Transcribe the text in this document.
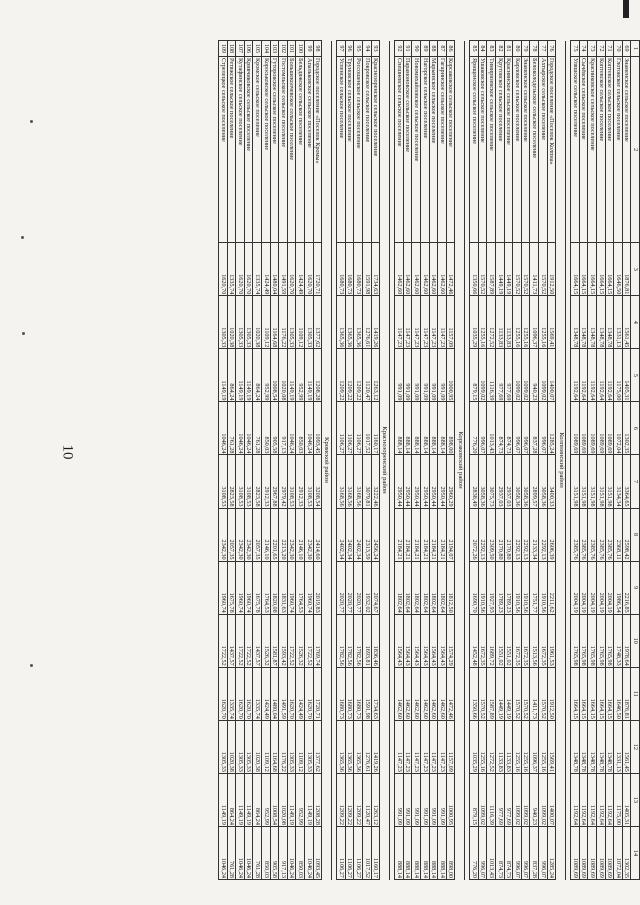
10
1	2	3	4	5	6	7	8	9	10	11	12	13	14
69	Знаменское сельское поселение	1876,81	1561,45	1405,31	1302,35	3364,65	2598,42	2216,85	1978,64	1876,81	1561,45	1405,31	1302,35
70	Глотовское сельское поселение	1646,50	1331,13	1175,00	1072,04	3134,34	2368,11	1986,54	1748,33	1646,50	1331,13	1175,00	1072,04
71	Коптевское сельское поселение	1664,15	1348,78	1192,64	1089,69	3151,98	2385,76	2004,19	1765,98	1664,15	1348,78	1192,64	1089,69
72	Коптевское сельское поселение	1664,15	1348,78	1192,64	1089,69	3151,98	2385,76	2004,19	1765,98	1664,15	1348,78	1192,64	1089,69
73	Красниковское сельское поселение	1664,15	1348,78	1192,64	1089,69	3151,98	2385,76	2004,19	1765,98	1664,15	1348,78	1192,64	1089,69
74	Сычёвское сельское поселение	1664,15	1348,78	1192,64	1089,69	3151,98	2385,76	2004,19	1765,98	1664,15	1348,78	1192,64	1089,69
75	Уляшское сельское поселение	1664,15	1348,78	1192,64	1089,69	3151,98	2385,76	2004,19	1765,98	1664,15	1348,78	1192,64	1089,69

Колпнянский район													
76	Городское поселение «Поселок Колпна»	1912,50	1569,41	1400,07	1285,24	3400,33	2606,39	2211,62	1961,53	1912,50	1569,41	1400,07	1285,24
77	Ахтырское сельское поселение	1570,52	1255,16	1099,02	996,07	3058,36	2292,13	1910,56	1672,35	1570,52	1255,16	1099,02	996,07
78	Белоколодезьское сельское поселение	1411,73	1096,37	940,23	837,28	2899,57	2133,34	1751,77	1513,56	1411,73	1096,37	940,23	837,28
79	Знаменское сельское поселение	1570,52	1255,16	1099,02	996,07	3058,36	2292,13	1910,56	1672,35	1570,52	1255,16	1099,02	996,07
80	Карловское сельское поселение	1570,52	1255,16	1099,02	996,07	3058,36	2292,13	1910,56	1672,35	1570,52	1255,16	1099,02	996,07
81	Краснянское сельское поселение	1449,19	1133,83	977,69	874,73	2937,03	2170,80	1789,23	1551,02	1449,19	1133,83	977,69	874,73
82	Крутовское сельское поселение	1449,19	1133,83	977,69	874,73	2937,03	2170,80	1789,23	1551,02	1449,19	1133,83	977,69	874,73
83	Тимирязевское сельское поселение	1587,89	1272,52	1116,39	1013,43	3075,73	2309,50	1927,93	1689,72	1587,89	1272,52	1116,39	1013,43
84	Ушаковское сельское поселение	1570,52	1255,16	1099,02	996,07	3058,36	2292,13	1910,56	1672,35	1570,52	1255,16	1099,02	996,07
85	Ярищенское сельское поселение	1350,66	1035,29	879,15	776,20	2838,49	2072,26	1690,70	1452,48	1350,66	1035,29	879,15	776,20

Корсаковский район													
86	Корсаковское сельское поселение	1472,46	1157,09	1000,95	898,00	2960,29	2194,07	1812,50	1574,29	1472,46	1157,09	1000,95	898,00
87	Гагаринское сельское поселение	1462,60	1147,23	991,09	888,14	2950,44	2184,21	1802,64	1564,43	1462,60	1147,23	991,09	888,14
88	Марьинское сельское поселение	1462,60	1147,23	991,09	888,14	2950,44	2184,21	1802,64	1564,43	1462,60	1147,23	991,09	888,14
89	Нагорское сельское поселение	1462,60	1147,23	991,09	888,14	2950,44	2184,21	1802,64	1564,43	1462,60	1147,23	991,09	888,14
90	Новомихайловское сельское поселение	1462,60	1147,23	991,09	888,14	2950,44	2184,21	1802,64	1564,43	1462,60	1147,23	991,09	888,14
91	Парамоновское сельское поселение	1462,60	1147,23	991,09	888,14	2950,44	2184,21	1802,64	1564,43	1462,60	1147,23	991,09	888,14
92	Спешневское сельское поселение	1462,60	1147,23	991,09	888,14	2950,44	2184,21	1802,64	1564,43	1462,60	1147,23	991,09	888,14

Краснозоренский район													
93	Краснозоренское сельское поселение	1734,63	1419,26	1263,12	1160,17	3222,46	2456,24	2074,67	1836,46	1734,63	1419,26	1263,12	1160,17
94	Покровское сельское поселение	1591,98	1276,61	1120,47	1017,52	3079,81	2313,59	1932,02	1693,81	1591,98	1276,61	1120,47	1017,52
95	Россошенское сельское поселение	1680,73	1365,36	1209,22	1106,27	3168,56	2402,34	2020,77	1782,56	1680,73	1365,36	1209,22	1106,27
96	Труновское сельское поселение	1680,73	1365,36	1209,22	1106,27	3168,56	2402,34	2020,77	1782,56	1680,73	1365,36	1209,22	1106,27
97	Успенское сельское поселение	1680,73	1365,36	1209,22	1106,27	3168,56	2402,34	2020,77	1782,56	1680,73	1365,36	1209,22	1106,27

Кромской район													
98	Городское поселение «Поселок Кромы»	1720,71	1377,62	1208,28	1093,45	3208,54	2414,60	2019,83	1769,74	1720,71	1377,62	1208,28	1093,45
99	Апальковское сельское поселение	1620,70	1305,33	1149,19	1046,24	3108,53	2342,30	1960,74	1722,52	1620,70	1305,33	1149,19	1046,24
100	Бельдяжское сельское поселение	1424,49	1109,12	952,99	850,03	2912,33	2146,10	1764,53	1526,32	1424,49	1109,12	952,99	850,03
101	Большеколчевское сельское поселение	1620,70	1305,33	1149,19	1046,24	3108,53	2342,30	1960,74	1722,52	1620,70	1305,33	1149,19	1046,24
102	Гостомльское сельское поселение	1491,59	1176,22	1020,08	917,13	2979,42	2213,20	1831,63	1593,42	1491,59	1176,22	1020,08	917,13
103	Гуторовское сельское поселение	1480,04	1164,68	1008,54	905,58	2967,88	2201,65	1820,08	1581,87	1480,04	1164,68	1008,54	905,58
104	Короськовское сельское поселение	1424,49	1109,12	952,99	850,03	2912,33	2146,10	1764,53	1526,32	1424,49	1109,12	952,99	850,03
105	Кромское сельское поселение	1335,74	1020,38	864,24	761,28	2823,58	2057,35	1675,78	1437,57	1335,74	1020,38	864,24	761,28
106	Кривчиковское сельское поселение	1620,70	1305,33	1149,19	1046,24	3108,53	2342,30	1960,74	1722,52	1620,70	1305,33	1149,19	1046,24
107	Кутафинское сельское поселение	1620,70	1305,33	1149,19	1046,24	3108,53	2342,30	1960,74	1722,52	1620,70	1305,33	1149,19	1046,24
108	Ретяжское сельское поселение	1335,74	1020,38	864,24	761,28	2823,58	2057,35	1675,78	1437,57	1335,74	1020,38	864,24	761,28
109	Стрелецкое сельское поселение	1620,70	1305,33	1149,19	1046,24	3108,53	2342,30	1960,74	1722,52	1620,70	1305,33	1149,19	1046,24
